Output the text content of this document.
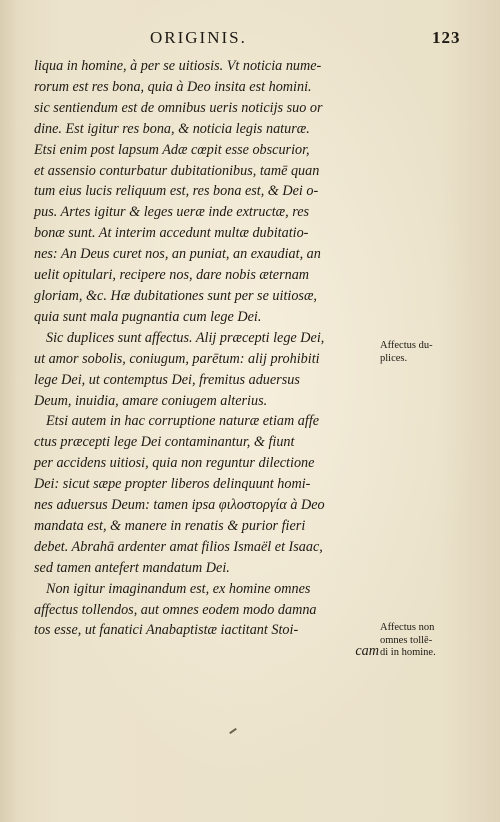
ORIGINIS.	123
liqua in homine, à per se uitiosis. Vt noticia nume-
rorum est res bona, quia à Deo insita est homini.
sic sentiendum est de omnibus ueris noticijs suo or
dine. Est igitur res bona, & noticia legis naturæ.
Etsi enim post lapsum Adæ cœpit esse obscurior,
et assensio conturbatur dubitationibus, tamē quan
tum eius lucis reliquum est, res bona est, & Dei o-
pus. Artes igitur & leges ueræ inde extructæ, res
bonæ sunt. At interim accedunt multæ dubitatio-
nes: An Deus curet nos, an puniat, an exaudiat, an
uelit opitulari, recipere nos, dare nobis æternam
gloriam, &c. Hæ dubitationes sunt per se uitiosæ,
quia sunt mala pugnantia cum lege Dei.
Sic duplices sunt affectus. Alij præcepti lege Dei,
ut amor sobolis, coniugum, parētum: alij prohibiti
lege Dei, ut contemptus Dei, fremitus aduersus
Deum, inuidia, amare coniugem alterius.
Etsi autem in hac corruptione naturæ etiam affe
ctus præcepti lege Dei contaminantur, & fiunt
per accidens uitiosi, quia non reguntur dilectione
Dei: sicut sæpe propter liberos delinquunt homi-
nes aduersus Deum: tamen ipsa φιλοστοργία à Deo
mandata est, & manere in renatis & purior fieri
debet. Abrahā ardenter amat filios Ismaël et Isaac,
sed tamen antefert mandatum Dei.
Non igitur imaginandum est, ex homine omnes
affectus tollendos, aut omnes eodem modo damna
tos esse, ut fanatici Anabaptistæ iactitant Stoi-
cam
Affectus du-
plices.
Affectus non
omnes tollē-
di in homine.
